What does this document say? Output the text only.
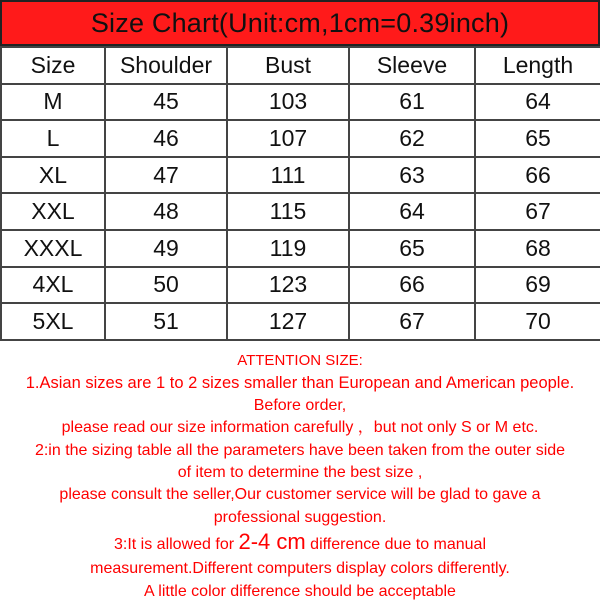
Size Chart(Unit:cm,1cm=0.39inch)
Size	Shoulder	Bust	Sleeve	Length
M	45	103	61	64
L	46	107	62	65
XL	47	111	63	66
XXL	48	115	64	67
XXXL	49	119	65	68
4XL	50	123	66	69
5XL	51	127	67	70
ATTENTION SIZE:
1.Asian sizes are 1 to 2 sizes smaller than European and American people.
Before order,
please read our size information carefully ，but not only S or M etc.
2:in the sizing table all the parameters have been taken from the outer side
of item to determine the best size ,
please consult the seller,Our customer service will be glad to gave a
professional suggestion.
3:It is allowed for 2-4 cm difference due to manual
measurement.Different computers display colors differently.
A little color difference should be acceptable
